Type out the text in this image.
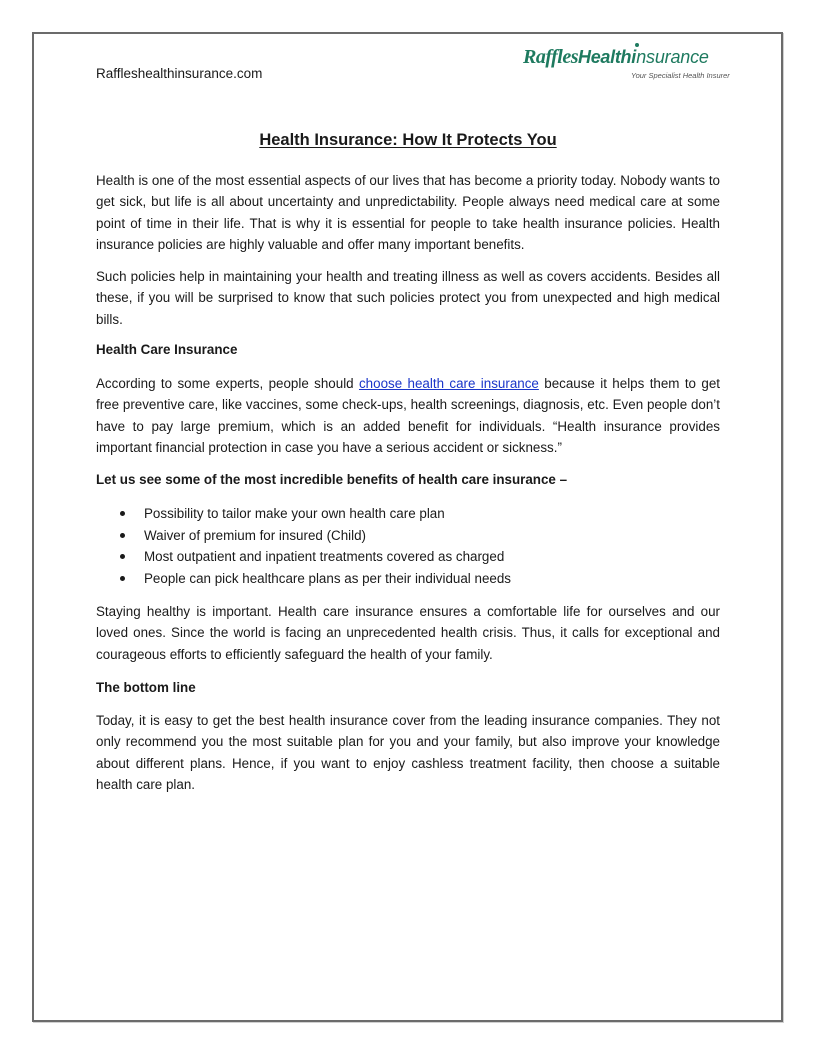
Raffleshealthinsurance.com
RafflesHealthinsurance
Your Specialist Health Insurer
Health Insurance: How It Protects You

Health is one of the most essential aspects of our lives that has become a priority today. Nobody wants to get sick, but life is all about uncertainty and unpredictability. People always need medical care at some point of time in their life. That is why it is essential for people to take health insurance policies. Health insurance policies are highly valuable and offer many important benefits.

Such policies help in maintaining your health and treating illness as well as covers accidents. Besides all these, if you will be surprised to know that such policies protect you from unexpected and high medical bills.

Health Care Insurance

According to some experts, people should choose health care insurance because it helps them to get free preventive care, like vaccines, some check-ups, health screenings, diagnosis, etc. Even people don’t have to pay large premium, which is an added benefit for individuals. “Health insurance provides important financial protection in case you have a serious accident or sickness.”

Let us see some of the most incredible benefits of health care insurance –

Possibility to tailor make your own health care plan
Waiver of premium for insured (Child)
Most outpatient and inpatient treatments covered as charged
People can pick healthcare plans as per their individual needs

Staying healthy is important. Health care insurance ensures a comfortable life for ourselves and our loved ones. Since the world is facing an unprecedented health crisis. Thus, it calls for exceptional and courageous efforts to efficiently safeguard the health of your family.

The bottom line

Today, it is easy to get the best health insurance cover from the leading insurance companies. They not only recommend you the most suitable plan for you and your family, but also improve your knowledge about different plans. Hence, if you want to enjoy cashless treatment facility, then choose a suitable health care plan.
